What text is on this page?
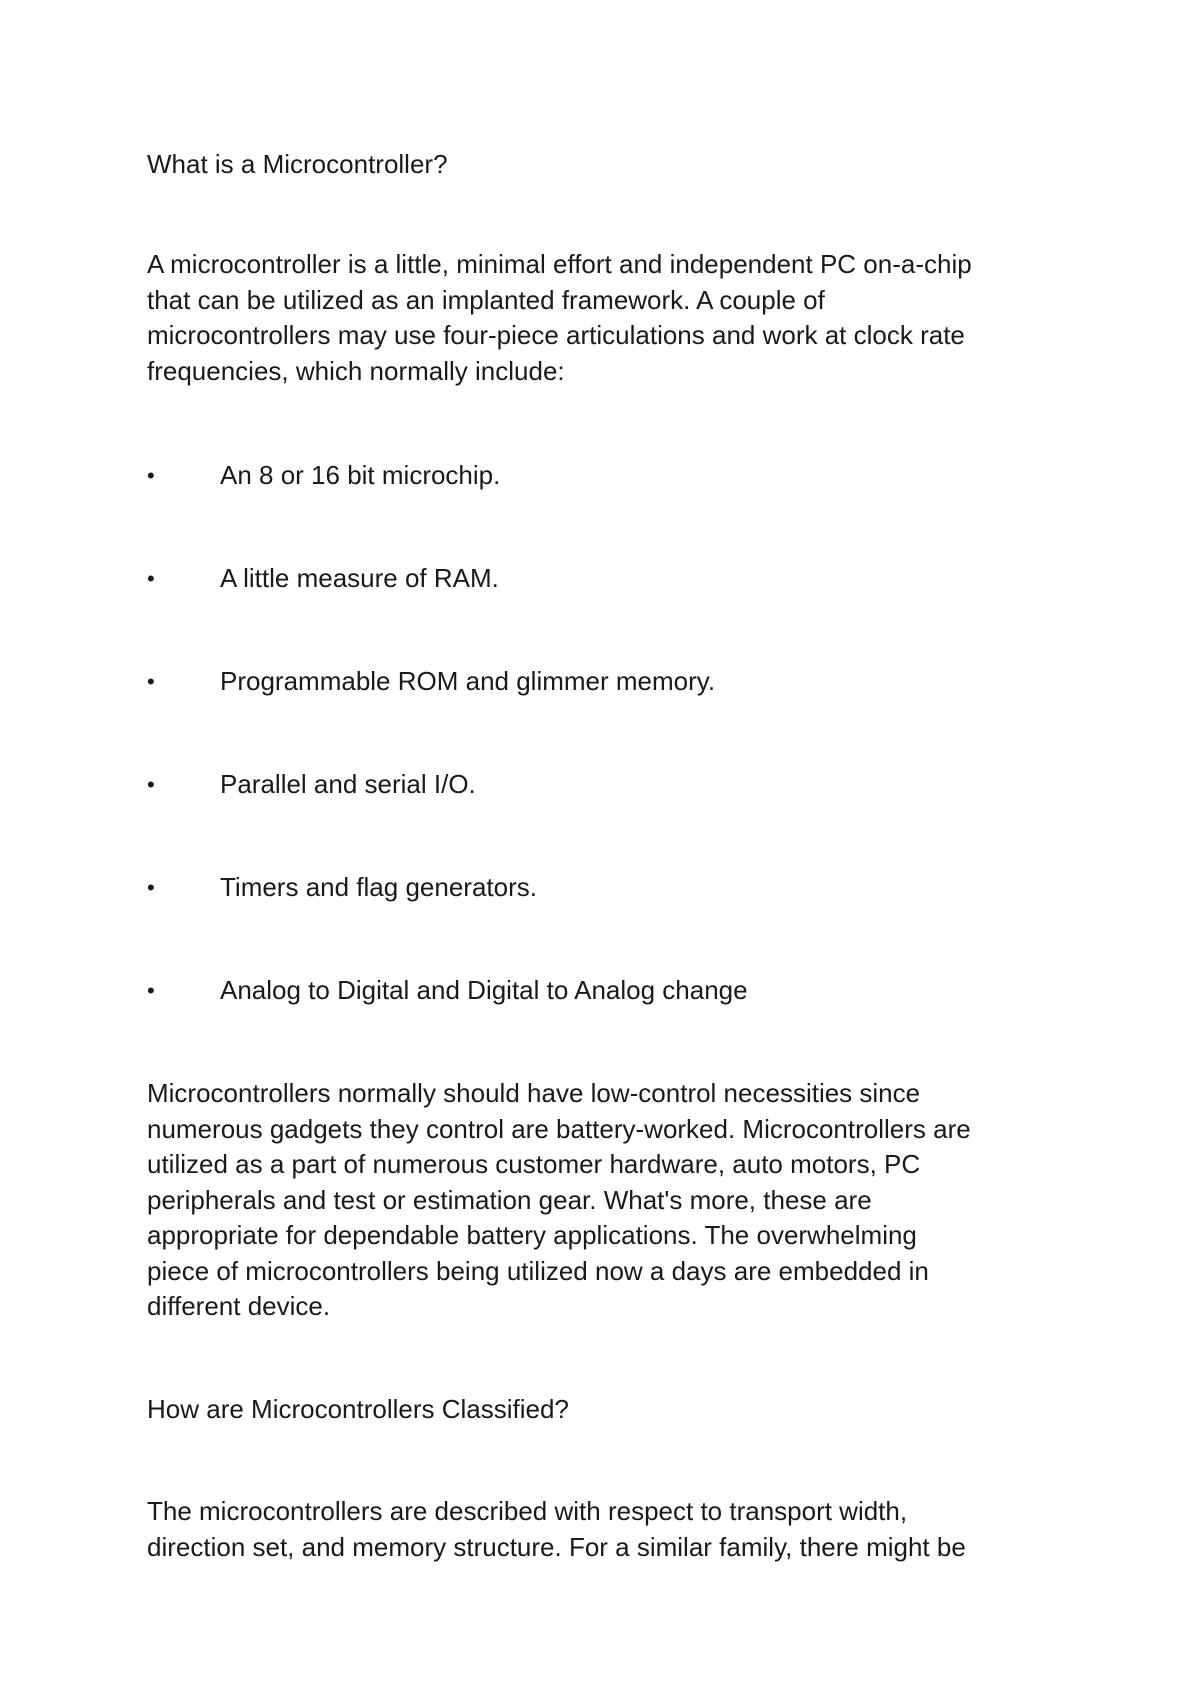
What is a Microcontroller?

A microcontroller is a little, minimal effort and independent PC on-a-chip
that can be utilized as an implanted framework. A couple of
microcontrollers may use four-piece articulations and work at clock rate
frequencies, which normally include:

•	An 8 or 16 bit microchip.
•	A little measure of RAM.
•	Programmable ROM and glimmer memory.
•	Parallel and serial I/O.
•	Timers and flag generators.
•	Analog to Digital and Digital to Analog change

Microcontrollers normally should have low-control necessities since
numerous gadgets they control are battery-worked. Microcontrollers are
utilized as a part of numerous customer hardware, auto motors, PC
peripherals and test or estimation gear. What's more, these are
appropriate for dependable battery applications. The overwhelming
piece of microcontrollers being utilized now a days are embedded in
different device.

How are Microcontrollers Classified?

The microcontrollers are described with respect to transport width,
direction set, and memory structure. For a similar family, there might be
